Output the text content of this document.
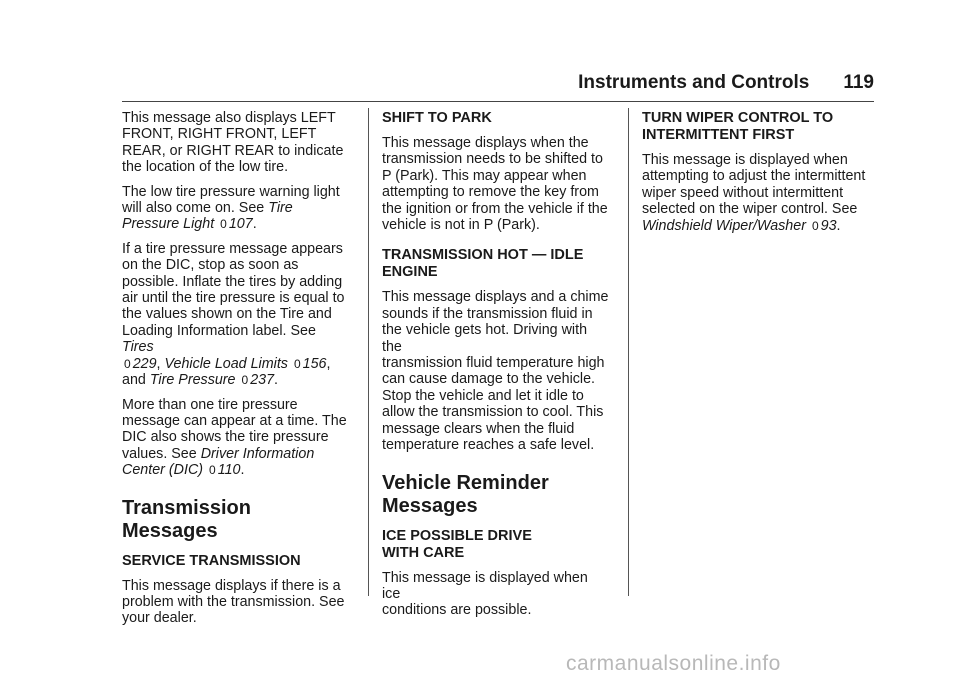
Instruments and Controls 119

This message also displays LEFT
FRONT, RIGHT FRONT, LEFT
REAR, or RIGHT REAR to indicate
the location of the low tire.

The low tire pressure warning light
will also come on. See Tire
Pressure Light 0 107.

If a tire pressure message appears
on the DIC, stop as soon as
possible. Inflate the tires by adding
air until the tire pressure is equal to
the values shown on the Tire and
Loading Information label. See Tires
0 229, Vehicle Load Limits 0 156,
and Tire Pressure 0 237.

More than one tire pressure
message can appear at a time. The
DIC also shows the tire pressure
values. See Driver Information
Center (DIC) 0 110.

Transmission Messages
SERVICE TRANSMISSION

This message displays if there is a
problem with the transmission. See
your dealer.

SHIFT TO PARK

This message displays when the
transmission needs to be shifted to
P (Park). This may appear when
attempting to remove the key from
the ignition or from the vehicle if the
vehicle is not in P (Park).

TRANSMISSION HOT — IDLE
ENGINE

This message displays and a chime
sounds if the transmission fluid in
the vehicle gets hot. Driving with the
transmission fluid temperature high
can cause damage to the vehicle.
Stop the vehicle and let it idle to
allow the transmission to cool. This
message clears when the fluid
temperature reaches a safe level.

Vehicle Reminder
Messages
ICE POSSIBLE DRIVE
WITH CARE

This message is displayed when ice
conditions are possible.

TURN WIPER CONTROL TO
INTERMITTENT FIRST

This message is displayed when
attempting to adjust the intermittent
wiper speed without intermittent
selected on the wiper control. See
Windshield Wiper/Washer 0 93.

carmanualsonline.info
